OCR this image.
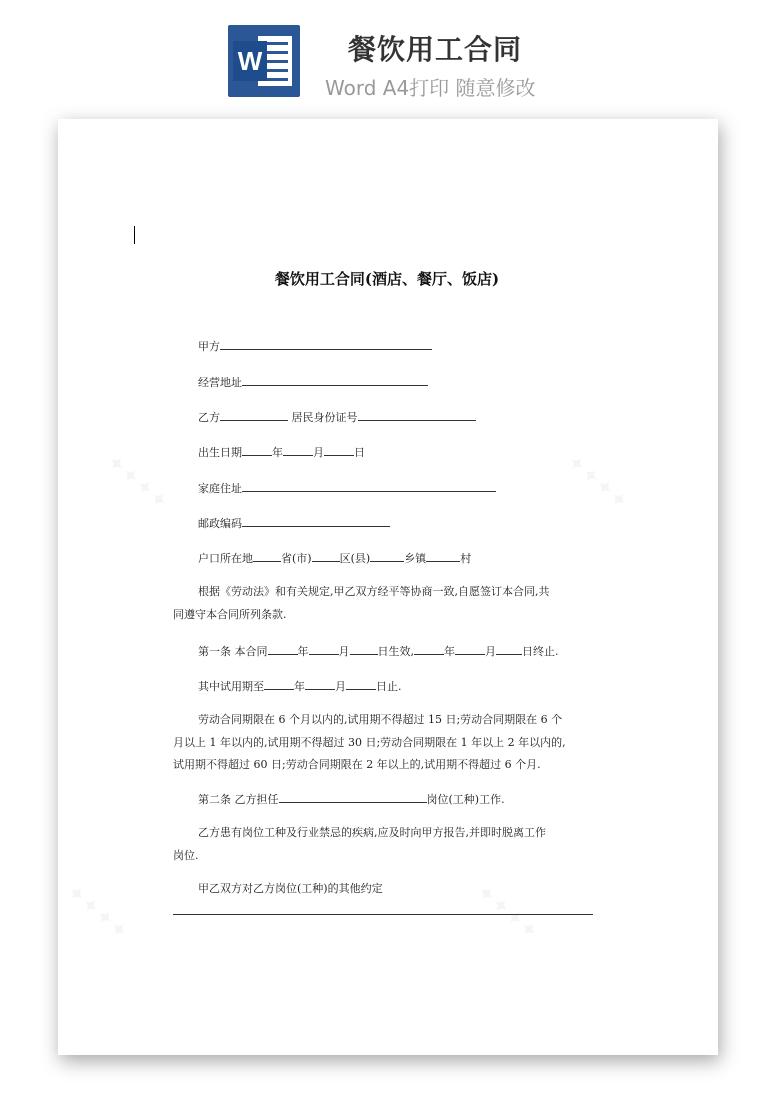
W	餐饮用工合同
Word A4打印 随意修改
餐饮用工合同(酒店、餐厅、饭店)
甲方
经营地址
乙方	居民身份证号
出生日期	年	月	日
家庭住址
邮政编码
户口所在地	省(市)	区(县)	乡镇	村
根据《劳动法》和有关规定,甲乙双方经平等协商一致,自愿签订本合同,共
同遵守本合同所列条款.
第一条 本合同	年	月	日生效,	年	月 日终止.
其中试用期至	年	月	日止.
劳动合同期限在 6 个月以内的,试用期不得超过 15 日;劳动合同期限在 6 个
月以上 1 年以内的,试用期不得超过 30 日;劳动合同期限在 1 年以上 2 年以内的,
试用期不得超过 60 日;劳动合同期限在 2 年以上的,试用期不得超过 6 个月.
第二条 乙方担任	岗位(工种)工作.
乙方患有岗位工种及行业禁忌的疾病,应及时向甲方报告,并即时脱离工作
岗位.
甲乙双方对乙方岗位(工种)的其他约定
